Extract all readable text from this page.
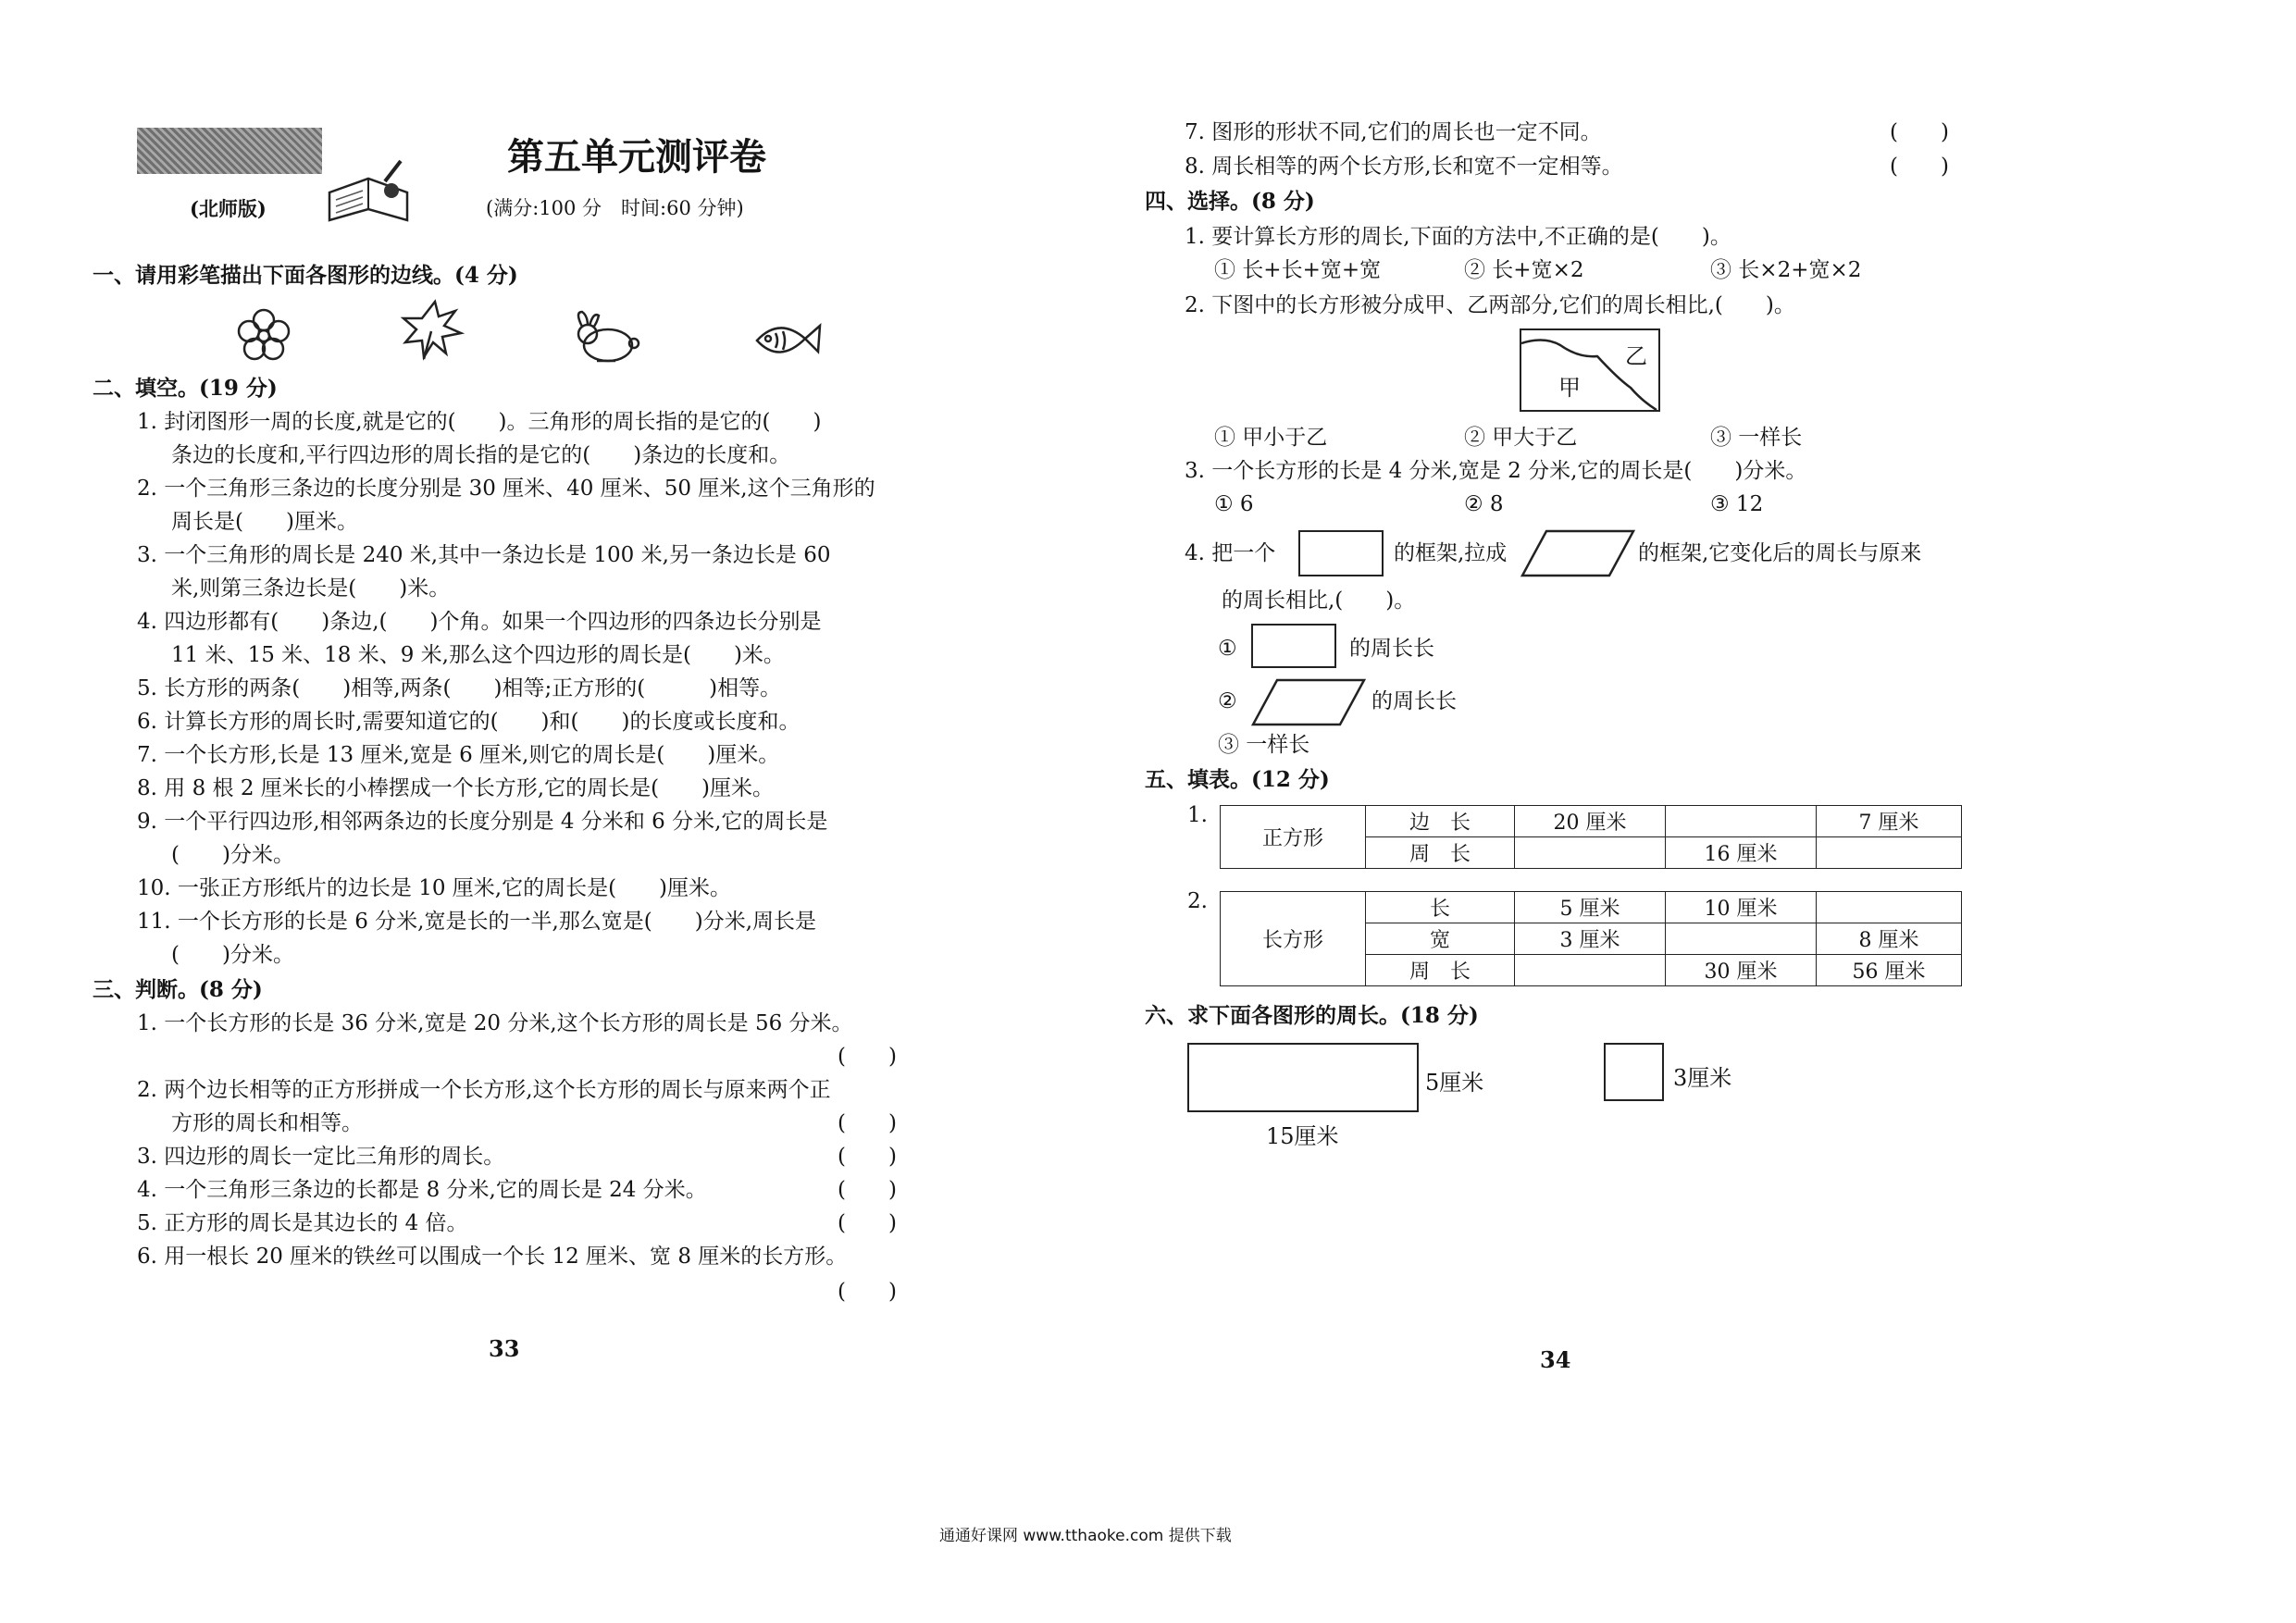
(北师版)
第五单元测评卷
(满分:100 分　时间:60 分钟)
一、请用彩笔描出下面各图形的边线。(4 分)
二、填空。(19 分)
1. 封闭图形一周的长度,就是它的(　　)。三角形的周长指的是它的(　　)
条边的长度和,平行四边形的周长指的是它的(　　)条边的长度和。
2. 一个三角形三条边的长度分别是 30 厘米、40 厘米、50 厘米,这个三角形的
周长是(　　)厘米。
3. 一个三角形的周长是 240 米,其中一条边长是 100 米,另一条边长是 60
米,则第三条边长是(　　)米。
4. 四边形都有(　　)条边,(　　)个角。如果一个四边形的四条边长分别是
11 米、15 米、18 米、9 米,那么这个四边形的周长是(　　)米。
5. 长方形的两条(　　)相等,两条(　　)相等;正方形的(　　　)相等。
6. 计算长方形的周长时,需要知道它的(　　)和(　　)的长度或长度和。
7. 一个长方形,长是 13 厘米,宽是 6 厘米,则它的周长是(　　)厘米。
8. 用 8 根 2 厘米长的小棒摆成一个长方形,它的周长是(　　)厘米。
9. 一个平行四边形,相邻两条边的长度分别是 4 分米和 6 分米,它的周长是
(　　)分米。
10. 一张正方形纸片的边长是 10 厘米,它的周长是(　　)厘米。
11. 一个长方形的长是 6 分米,宽是长的一半,那么宽是(　　)分米,周长是
(　　)分米。
三、判断。(8 分)
1. 一个长方形的长是 36 分米,宽是 20 分米,这个长方形的周长是 56 分米。
(　　)
2. 两个边长相等的正方形拼成一个长方形,这个长方形的周长与原来两个正
方形的周长和相等。
3. 四边形的周长一定比三角形的周长。
(　　)
(　　)
4. 一个三角形三条边的长都是 8 分米,它的周长是 24 分米。	(　　)
5. 正方形的周长是其边长的 4 倍。	(　　)
6. 用一根长 20 厘米的铁丝可以围成一个长 12 厘米、宽 8 厘米的长方形。
(　　)
33
7. 图形的形状不同,它们的周长也一定不同。	(　　)
8. 周长相等的两个长方形,长和宽不一定相等。	(　　)
四、选择。(8 分)
1. 要计算长方形的周长,下面的方法中,不正确的是(　　)。
① 长+长+宽+宽	② 长+宽×2	③ 长×2+宽×2
2. 下图中的长方形被分成甲、乙两部分,它们的周长相比,(　　)。
乙
甲
① 甲小于乙	② 甲大于乙	③ 一样长
3. 一个长方形的长是 4 分米,宽是 2 分米,它的周长是(　　)分米。
① 6	② 8	③ 12
4. 把一个	的框架,拉成	的框架,它变化后的周长与原来
的周长相比,(　　)。
①	的周长长
②	的周长长
③ 一样长
五、填表。(12 分)
1.
正方形	边　长	20 厘米		7 厘米
	周　长		16 厘米	
2.
长方形	长	5 厘米	10 厘米	
	宽	3 厘米		8 厘米
	周　长		30 厘米	56 厘米
六、求下面各图形的周长。(18 分)
5厘米
15厘米
3厘米
34
通通好课网 www.tthaoke.com 提供下载
